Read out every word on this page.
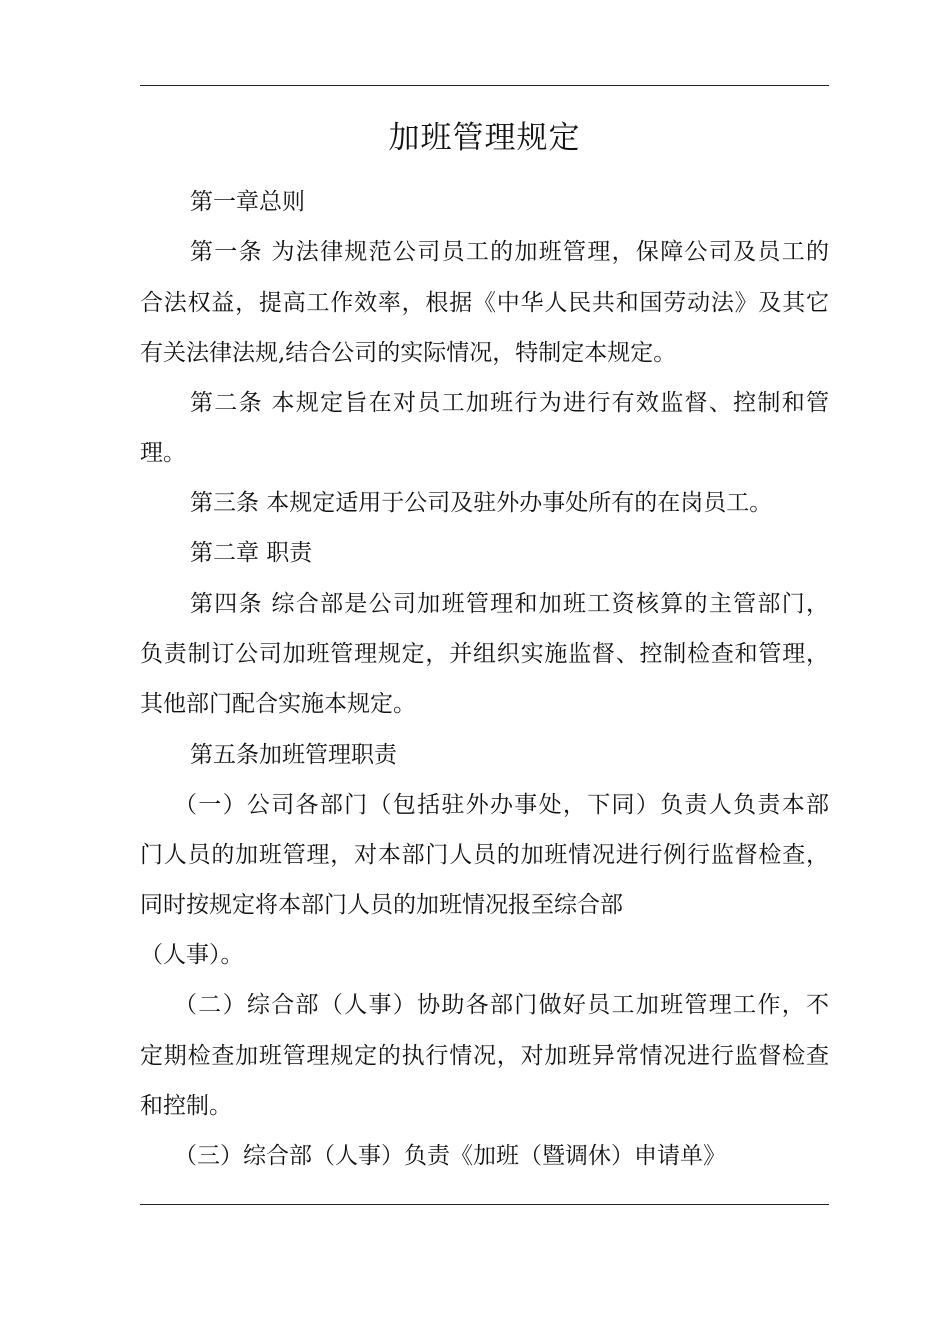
加班管理规定
第一章总则
第一条 为法律规范公司员工的加班管理，保障公司及员工的
合法权益，提高工作效率，根据《中华人民共和国劳动法》及其它
有关法律法规,结合公司的实际情况，特制定本规定。
第二条 本规定旨在对员工加班行为进行有效监督、控制和管
理。
第三条 本规定适用于公司及驻外办事处所有的在岗员工。
第二章 职责
第四条 综合部是公司加班管理和加班工资核算的主管部门，
负责制订公司加班管理规定，并组织实施监督、控制检查和管理，
其他部门配合实施本规定。
第五条加班管理职责
（一）公司各部门（包括驻外办事处，下同）负责人负责本部
门人员的加班管理，对本部门人员的加班情况进行例行监督检查，
同时按规定将本部门人员的加班情况报至综合部
（人事）。
（二）综合部（人事）协助各部门做好员工加班管理工作，不
定期检查加班管理规定的执行情况，对加班异常情况进行监督检查
和控制。
（三）综合部（人事）负责《加班（暨调休）申请单》
